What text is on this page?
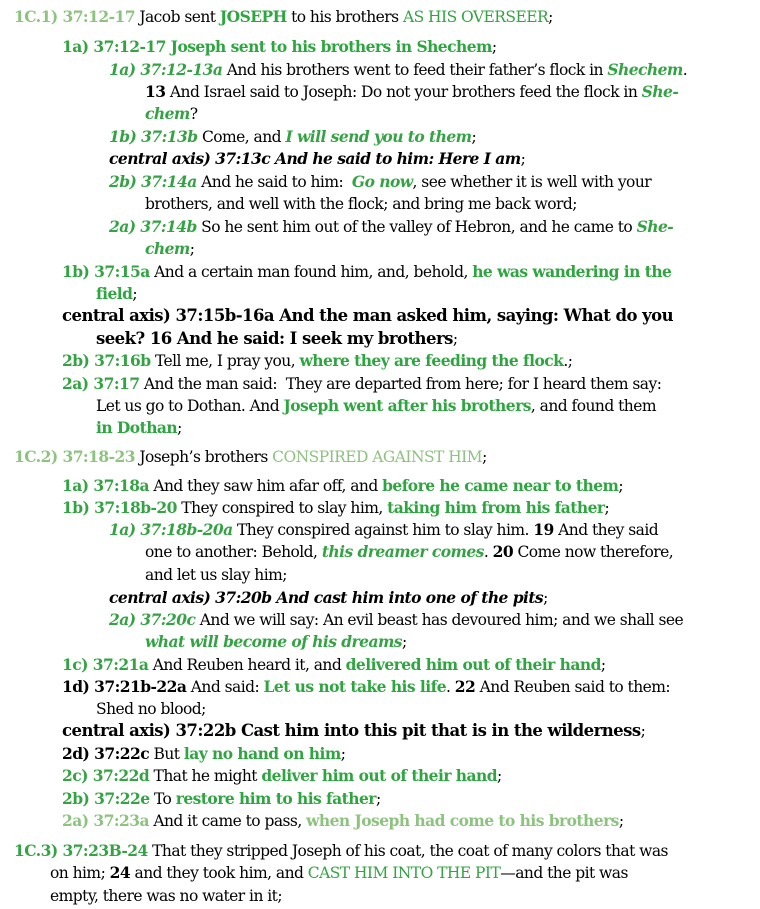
1C.1) 37:12-17 Jacob sent JOSEPH to his brothers AS HIS OVERSEER;
1a) 37:12-17 Joseph sent to his brothers in Shechem;
1a) 37:12-13a And his brothers went to feed their father’s flock in Shechem.
13 And Israel said to Joseph: Do not your brothers feed the flock in She-
chem?
1b) 37:13b Come, and I will send you to them;
central axis) 37:13c And he said to him: Here I am;
2b) 37:14a And he said to him:  Go now, see whether it is well with your
brothers, and well with the flock; and bring me back word;
2a) 37:14b So he sent him out of the valley of Hebron, and he came to She-
chem;
1b) 37:15a And a certain man found him, and, behold, he was wandering in the
field;
central axis) 37:15b-16a And the man asked him, saying: What do you
seek? 16 And he said: I seek my brothers;
2b) 37:16b Tell me, I pray you, where they are feeding the flock.;
2a) 37:17 And the man said:  They are departed from here; for I heard them say:
Let us go to Dothan. And Joseph went after his brothers, and found them
in Dothan;
1C.2) 37:18-23 Joseph’s brothers CONSPIRED AGAINST HIM;
1a) 37:18a And they saw him afar off, and before he came near to them;
1b) 37:18b-20 They conspired to slay him, taking him from his father;
1a) 37:18b-20a They conspired against him to slay him. 19 And they said
one to another: Behold, this dreamer comes. 20 Come now therefore,
and let us slay him;
central axis) 37:20b And cast him into one of the pits;
2a) 37:20c And we will say: An evil beast has devoured him; and we shall see
what will become of his dreams;
1c) 37:21a And Reuben heard it, and delivered him out of their hand;
1d) 37:21b-22a And said: Let us not take his life. 22 And Reuben said to them:
Shed no blood;
central axis) 37:22b Cast him into this pit that is in the wilderness;
2d) 37:22c But lay no hand on him;
2c) 37:22d That he might deliver him out of their hand;
2b) 37:22e To restore him to his father;
2a) 37:23a And it came to pass, when Joseph had come to his brothers;
1C.3) 37:23B-24 That they stripped Joseph of his coat, the coat of many colors that was
on him; 24 and they took him, and CAST HIM INTO THE PIT—and the pit was
empty, there was no water in it;
